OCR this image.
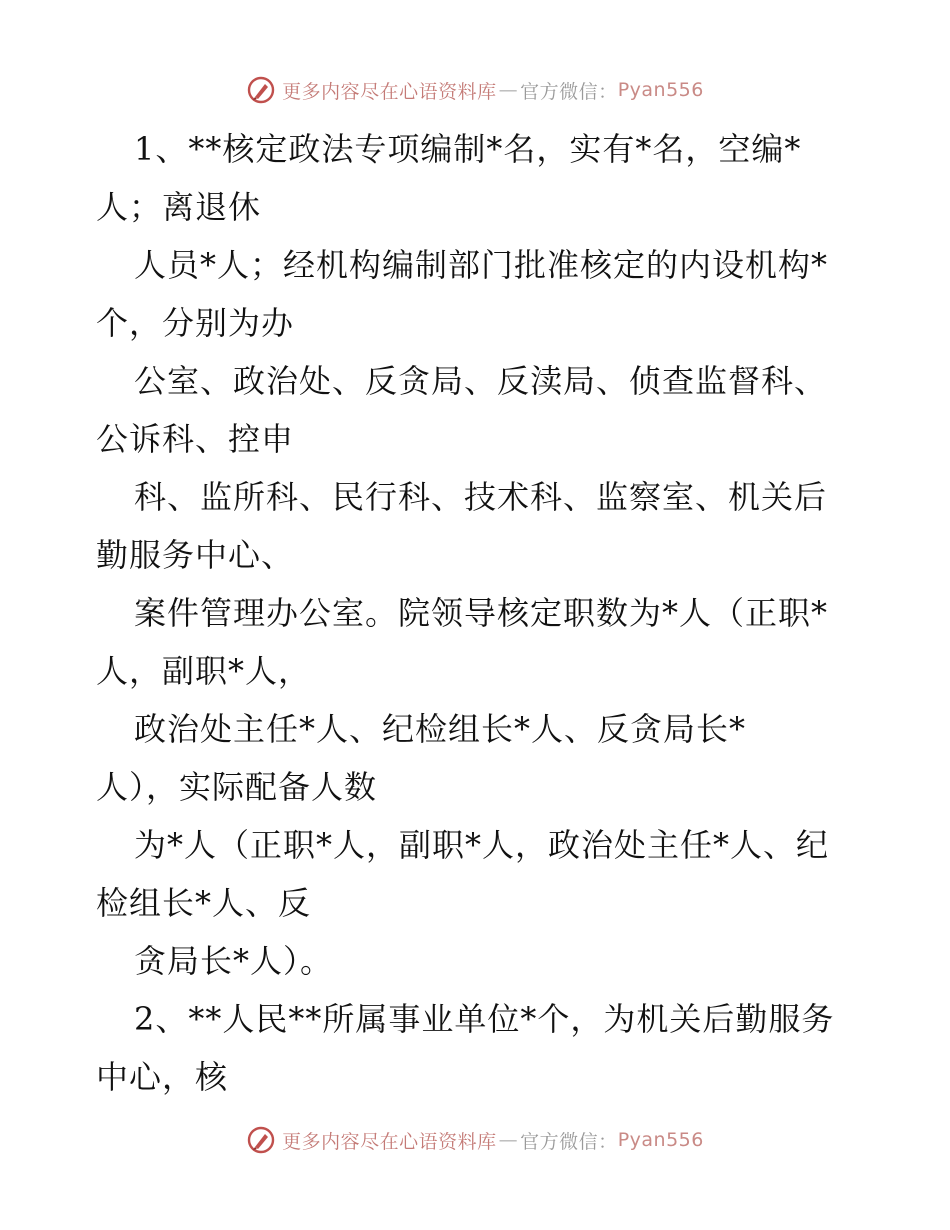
更多内容尽在心语资料库 — 官方微信： Pyan556
1、**核定政法专项编制*名，实有*名，空编*
人；离退休
人员*人；经机构编制部门批准核定的内设机构*
个，分别为办
公室、政治处、反贪局、反渎局、侦查监督科、
公诉科、控申
科、监所科、民行科、技术科、监察室、机关后
勤服务中心、
案件管理办公室。院领导核定职数为*人（正职*
人，副职*人，
政治处主任*人、纪检组长*人、反贪局长*
人），实际配备人数
为*人（正职*人，副职*人，政治处主任*人、纪
检组长*人、反
贪局长*人）。
2、**人民**所属事业单位*个，为机关后勤服务
中心，核
更多内容尽在心语资料库 — 官方微信： Pyan556
